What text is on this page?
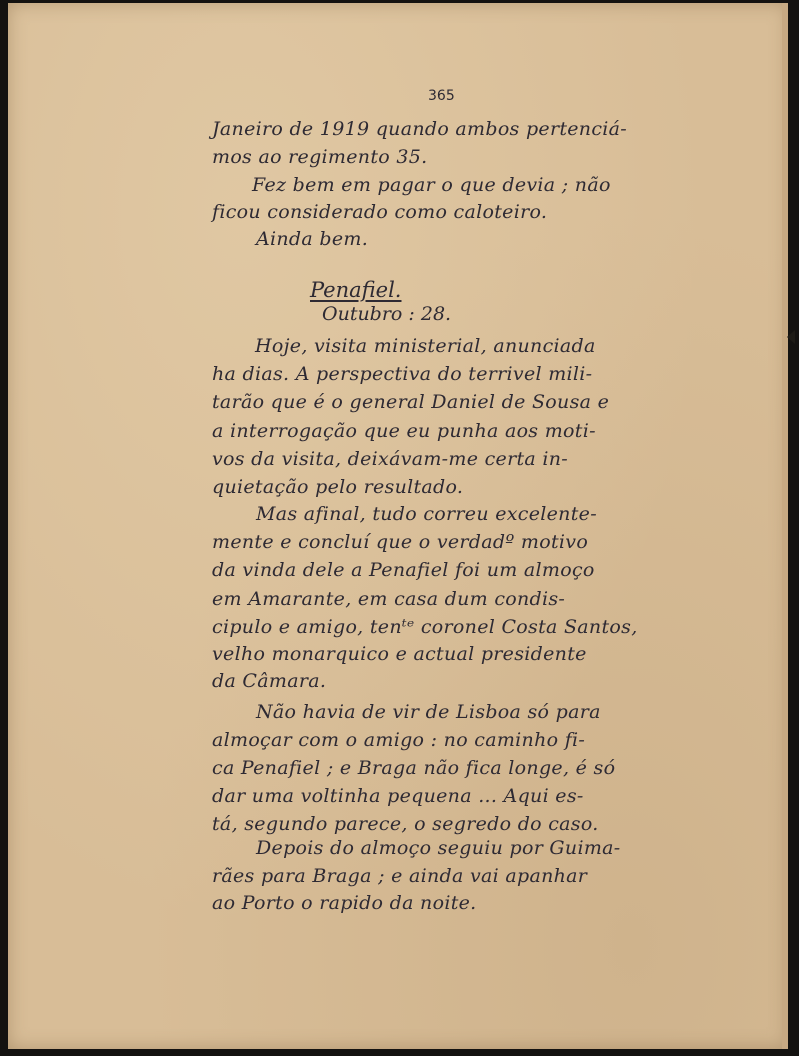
365
Janeiro de 1919 quando ambos pertenciá-
mos ao regimento 35.
Fez bem em pagar o que devia ; não
ficou considerado como caloteiro.
Ainda bem.
Penafiel.
Outubro : 28.
Hoje, visita ministerial, anunciada
ha dias. A perspectiva do terrivel mili-
tarão que é o general Daniel de Sousa e
a interrogação que eu punha aos moti-
vos da visita, deixávam-me certa in-
quietação pelo resultado.
Mas afinal, tudo correu excelente-
mente e concluí que o verdadº motivo
da vinda dele a Penafiel foi um almoço
em Amarante, em casa dum condis-
cipulo e amigo, tenᵗᵉ coronel Costa Santos,
velho monarquico e actual presidente
da Câmara.
Não havia de vir de Lisboa só para
almoçar com o amigo : no caminho fi-
ca Penafiel ; e Braga não fica longe, é só
dar uma voltinha pequena ... Aqui es-
tá, segundo parece, o segredo do caso.
Depois do almoço seguiu por Guima-
rães para Braga ; e ainda vai apanhar
ao Porto o rapido da noite.
